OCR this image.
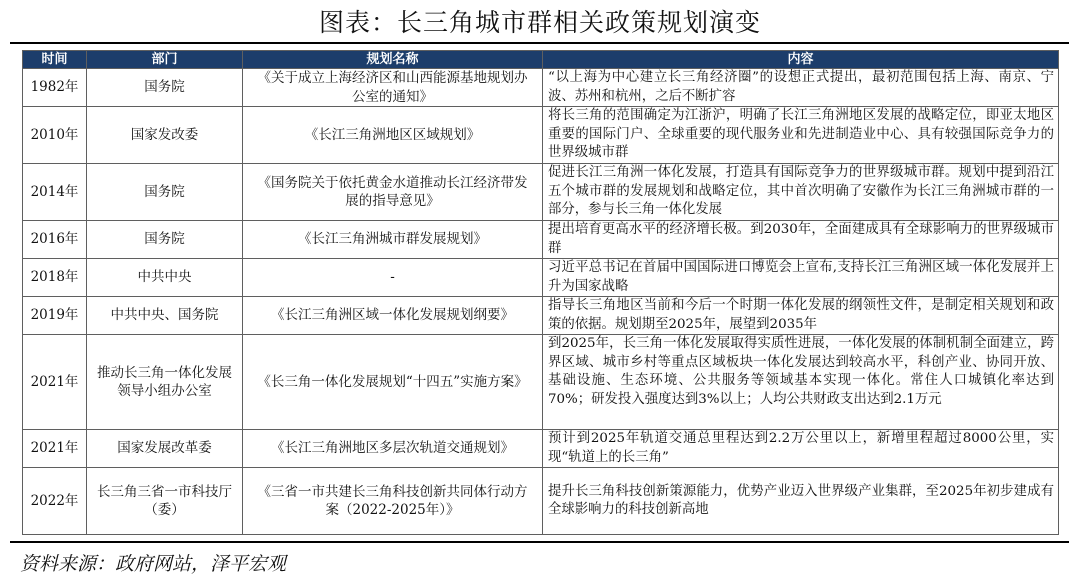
图表：长三角城市群相关政策规划演变
时间	部门	规划名称	内容
1982年	国务院	《关于成立上海经济区和山西能源基地规划办公室的通知》	“以上海为中心建立长三角经济圈”的设想正式提出，最初范围包括上海、南京、宁波、苏州和杭州，之后不断扩容
2010年	国家发改委	《长江三角洲地区区域规划》	将长三角的范围确定为江浙沪，明确了长江三角洲地区发展的战略定位，即亚太地区重要的国际门户、全球重要的现代服务业和先进制造业中心、具有较强国际竞争力的世界级城市群
2014年	国务院	《国务院关于依托黄金水道推动长江经济带发展的指导意见》	促进长江三角洲一体化发展，打造具有国际竞争力的世界级城市群。规划中提到沿江五个城市群的发展规划和战略定位，其中首次明确了安徽作为长江三角洲城市群的一部分，参与长三角一体化发展
2016年	国务院	《长江三角洲城市群发展规划》	提出培育更高水平的经济增长极。到2030年，全面建成具有全球影响力的世界级城市群
2018年	中共中央	-	习近平总书记在首届中国国际进口博览会上宣布,支持长江三角洲区域一体化发展并上升为国家战略
2019年	中共中央、国务院	《长江三角洲区域一体化发展规划纲要》	指导长三角地区当前和今后一个时期一体化发展的纲领性文件，是制定相关规划和政策的依据。规划期至2025年，展望到2035年
2021年	推动长三角一体化发展领导小组办公室	《长三角一体化发展规划“十四五”实施方案》	到2025年，长三角一体化发展取得实质性进展，一体化发展的体制机制全面建立，跨界区域、城市乡村等重点区域板块一体化发展达到较高水平，科创产业、协同开放、基础设施、生态环境、公共服务等领域基本实现一体化。常住人口城镇化率达到70%；研发投入强度达到3%以上；人均公共财政支出达到2.1万元
2021年	国家发展改革委	《长江三角洲地区多层次轨道交通规划》	预计到2025年轨道交通总里程达到2.2万公里以上，新增里程超过8000公里，实现“轨道上的长三角”
2022年	长三角三省一市科技厅（委）	《三省一市共建长三角科技创新共同体行动方案（2022-2025年）》	提升长三角科技创新策源能力，优势产业迈入世界级产业集群，至2025年初步建成有全球影响力的科技创新高地
资料来源：政府网站，泽平宏观
